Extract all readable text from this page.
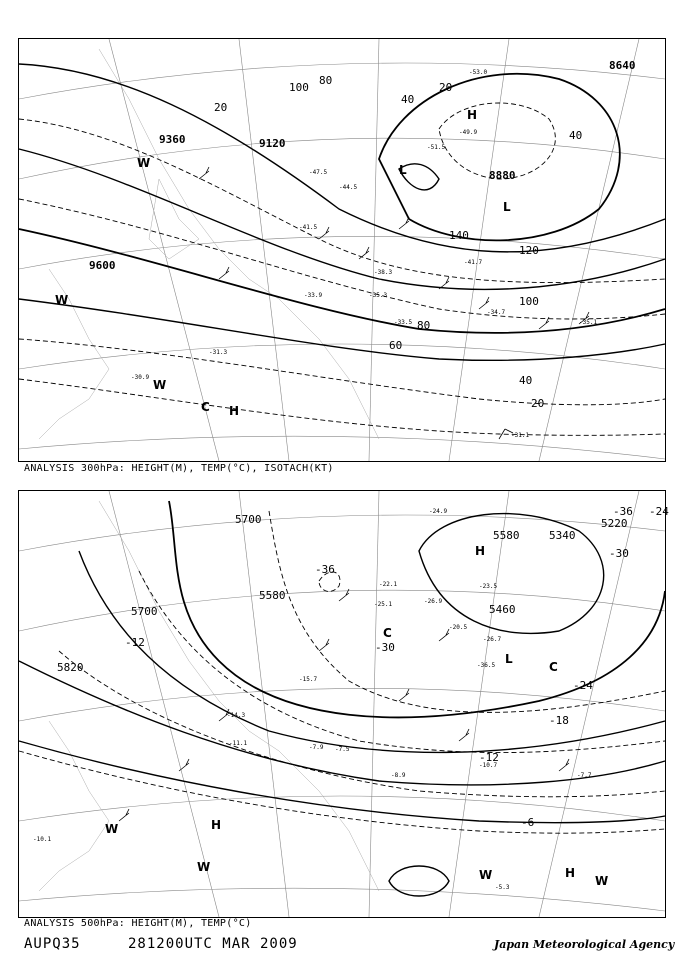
9360	9120
8880
8640
9600
80
100
40
20
120
140
40
20
100
80
60
40
20
-47.5
-44.5
-53.0
-49.9
-51.5
-41.5
-41.7
-38.3
-35.3
-33.9
-33.5
-34.7
-35.1
-31.3
-31.1
-30.9
H
L
L
W
W
W
C H
ANALYSIS 300hPa: HEIGHT(M), TEMP(°C), ISOTACH(KT)
5700
5580
5460
5340
5220
5700
5820
5580
-36
-30
-24
-18
-12
-6
-36 -24
-30
-12
-24.9
-22.1
-26.9
-25.1
-36.5
-26.7
-23.5
-20.5
-15.7
-14.3
-11.1
-10.7
-8.9
-7.9 -7.5
-7.7
-5.3
-10.1
H
L
C
C
H
W
W
H
W
W
ANALYSIS 500hPa: HEIGHT(M), TEMP(°C)
AUPQ35	281200UTC MAR 2009	Japan Meteorological Agency
